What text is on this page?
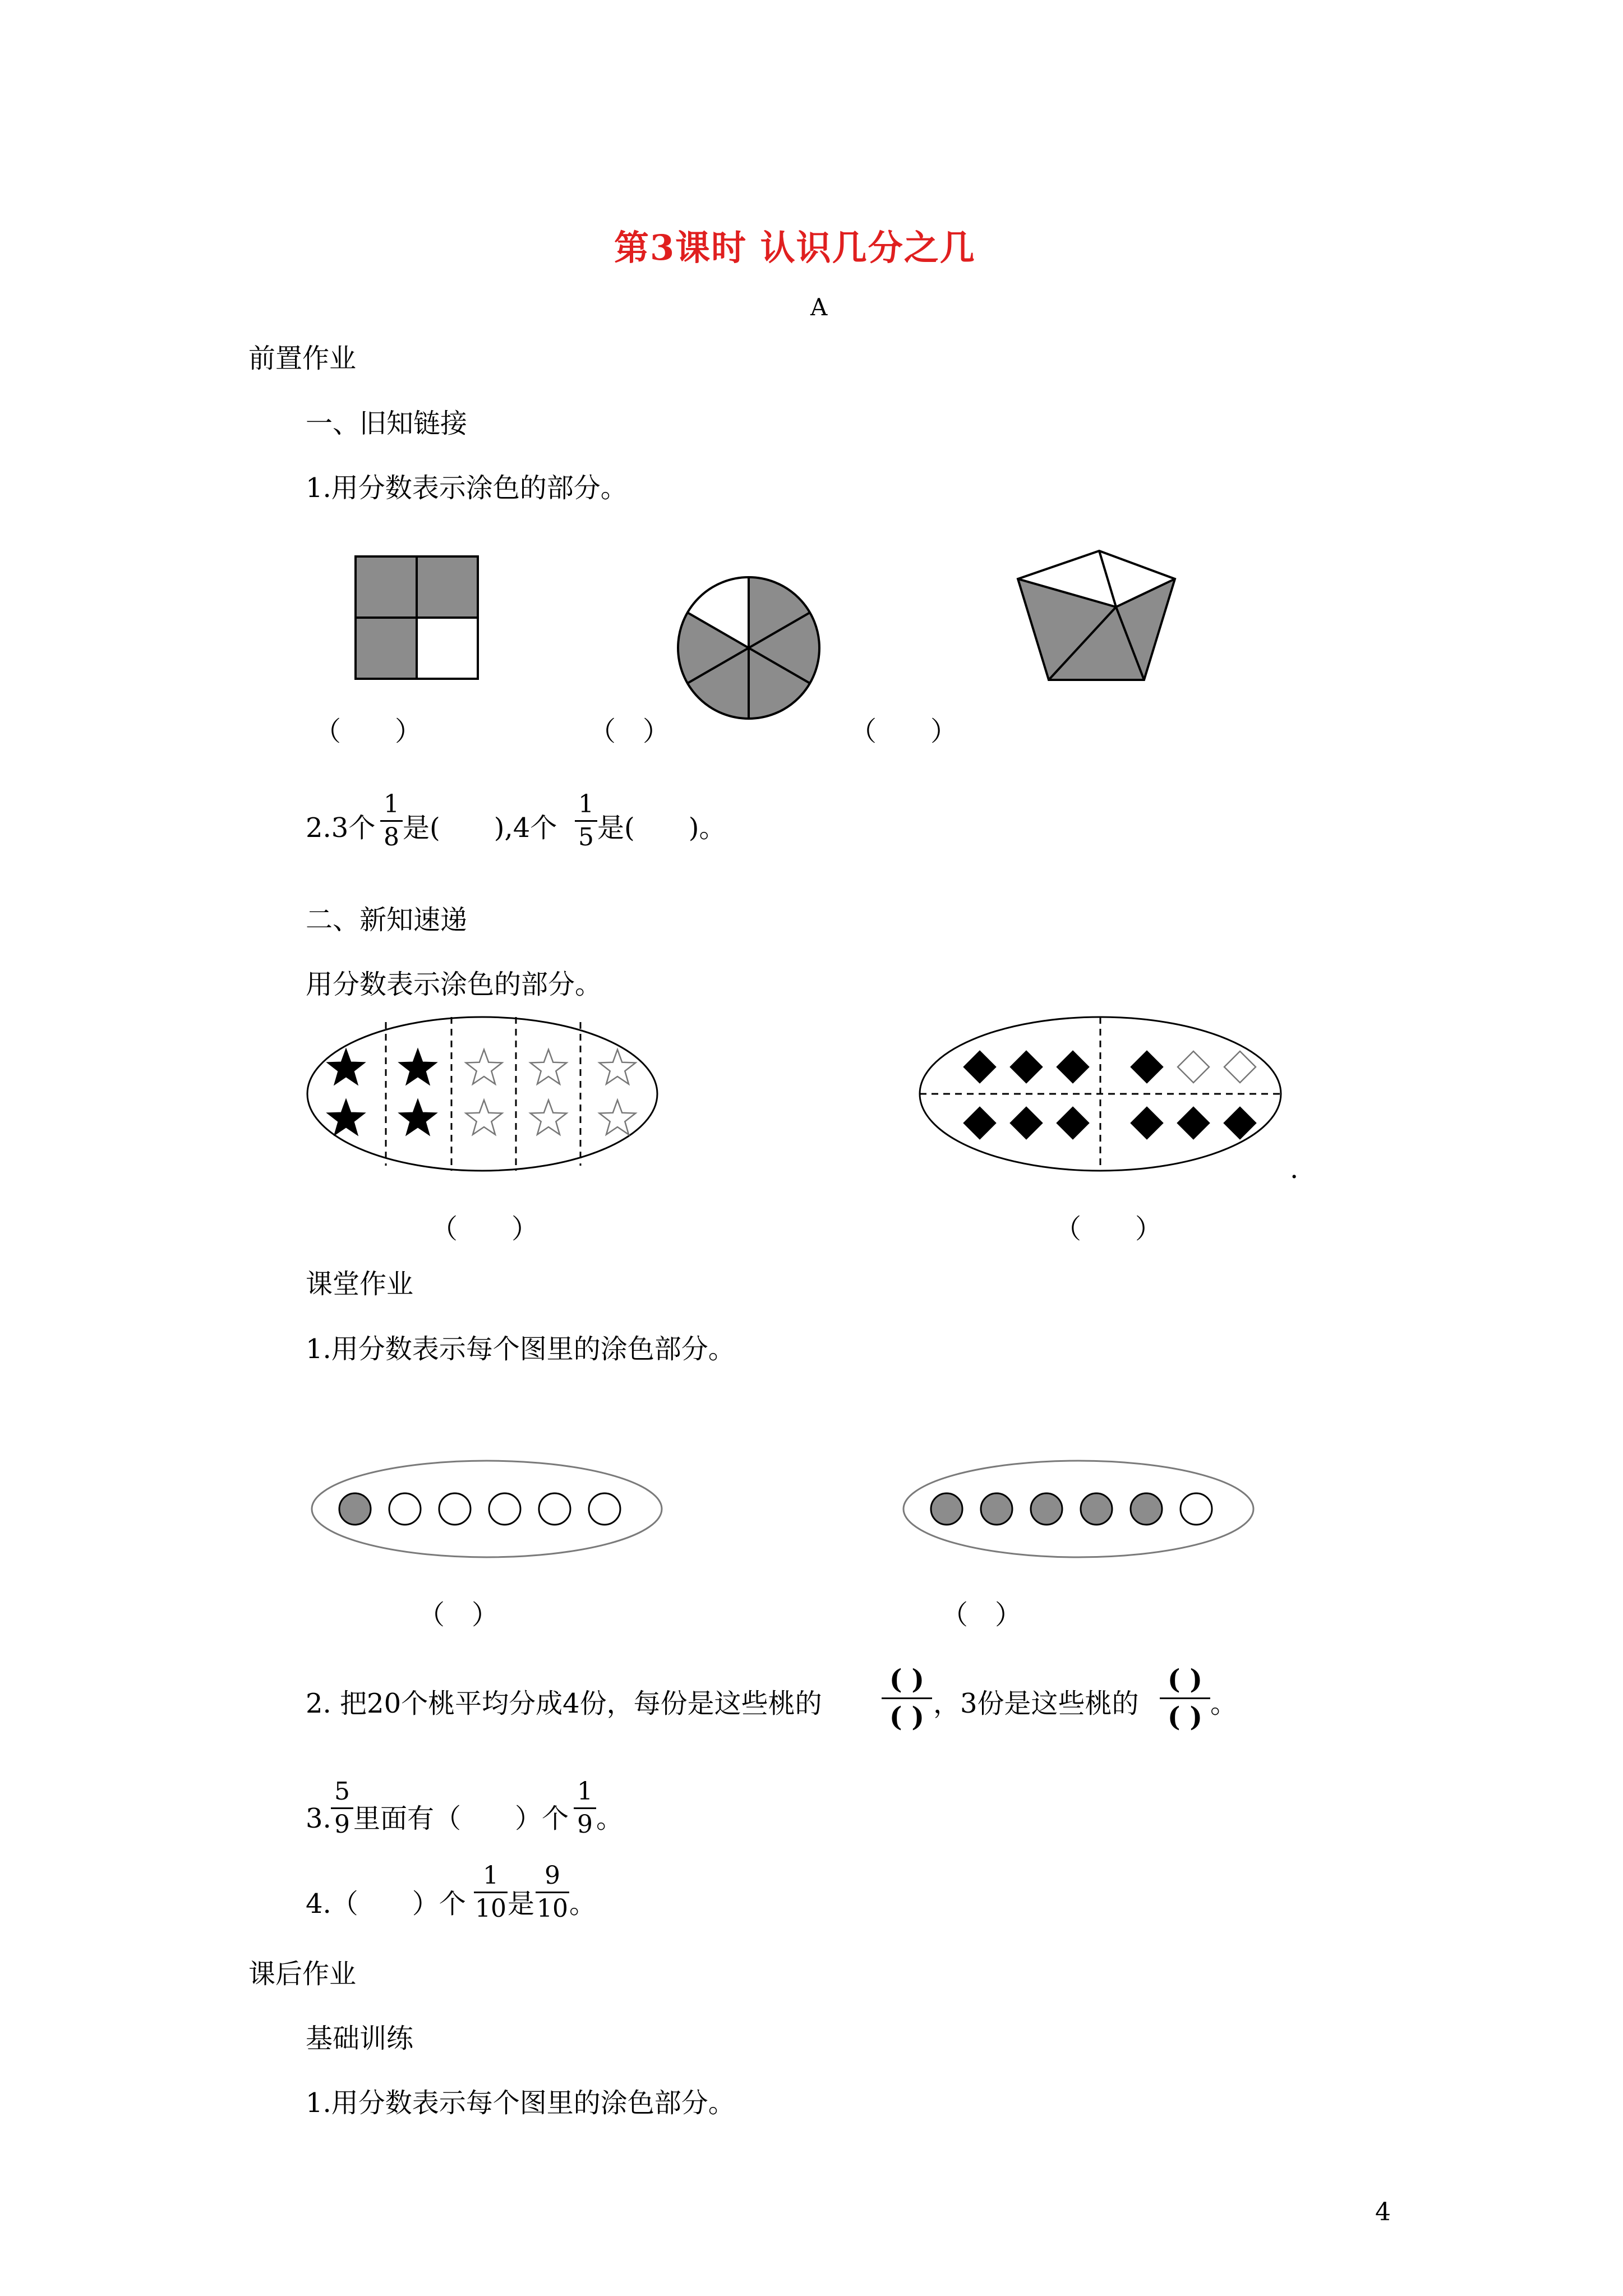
第3课时 认识几分之几
A
前置作业
一、旧知链接
1.用分数表示涂色的部分。
（　　）	（　）	（　　）
2.3个
1
8 是(　　),4个
1
5 是(　　)。
二、新知速递
用分数表示涂色的部分。
.
（　　）	（　　）
课堂作业
1.用分数表示每个图里的涂色部分。
（　）	（　）
2. 把20个桃平均分成4份，每份是这些桃的
( )
( ) ，3份是这些桃的
( )
( ) 。
3.
5
9 里面有（　　）个
1
9 。
4.（　　）个
1
10 是
9
10 。
课后作业
基础训练
1.用分数表示每个图里的涂色部分。
4
